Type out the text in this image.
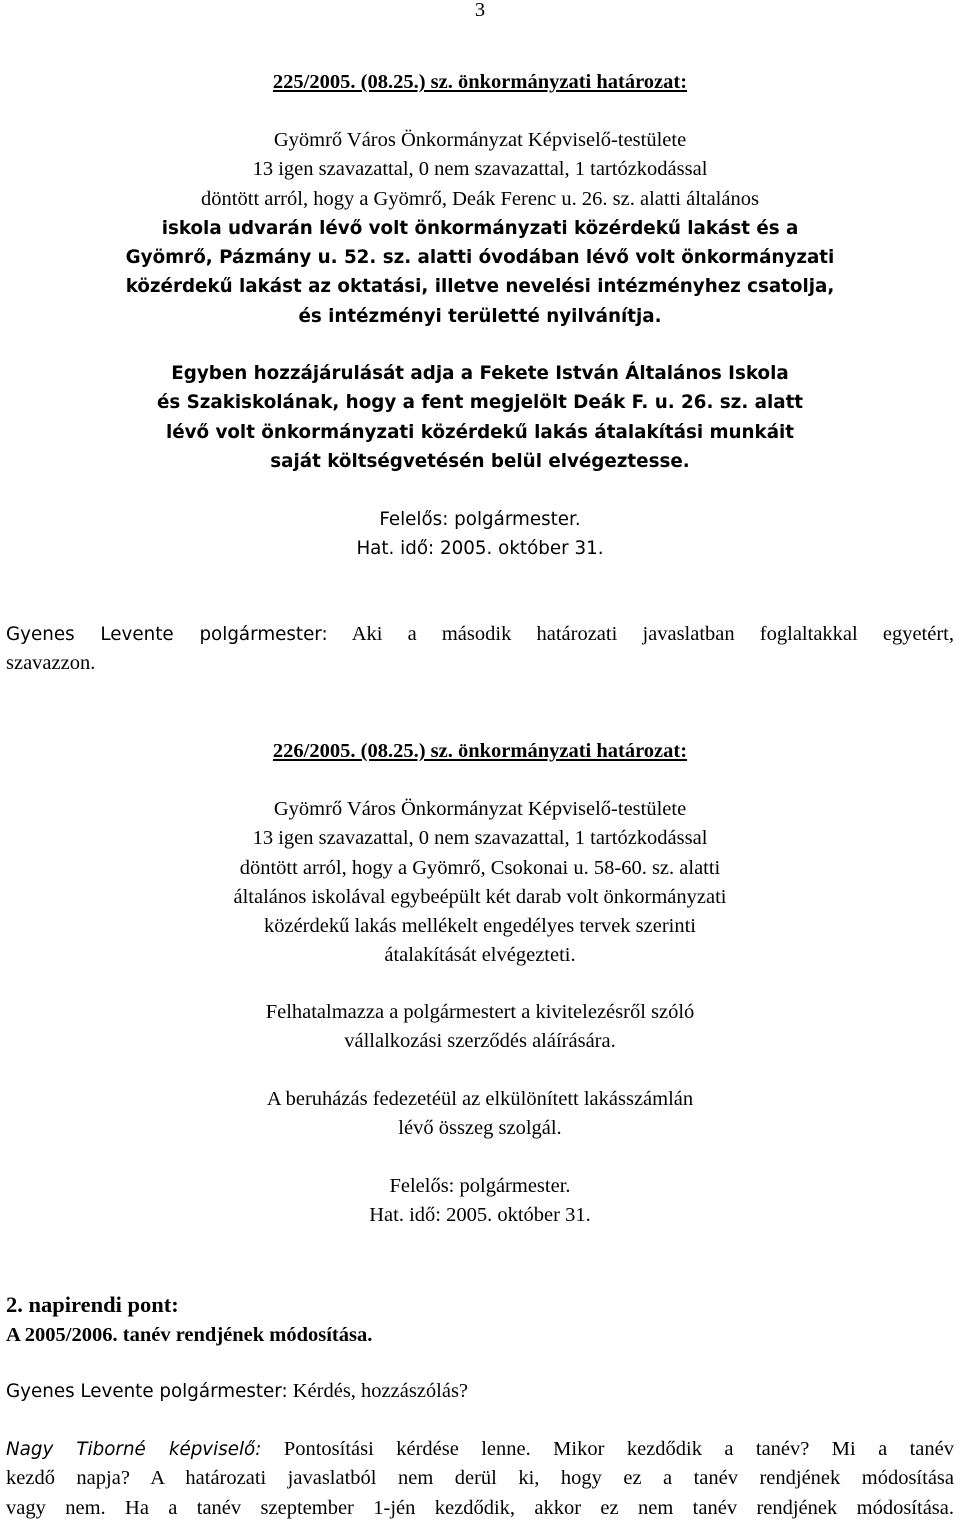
3
225/2005. (08.25.) sz. önkormányzati határozat:
Gyömrő Város Önkormányzat Képviselő-testülete
13 igen szavazattal, 0 nem szavazattal, 1 tartózkodással
döntött arról, hogy a Gyömrő, Deák Ferenc u. 26. sz. alatti általános
iskola udvarán lévő volt önkormányzati közérdekű lakást és a
Gyömrő, Pázmány u. 52. sz. alatti óvodában lévő volt önkormányzati
közérdekű lakást az oktatási, illetve nevelési intézményhez csatolja,
és intézményi területté nyilvánítja.
Egyben hozzájárulását adja a Fekete István Általános Iskola
és Szakiskolának, hogy a fent megjelölt Deák F. u. 26. sz. alatt
lévő volt önkormányzati közérdekű lakás átalakítási munkáit
saját költségvetésén belül elvégeztesse.
Felelős: polgármester.
Hat. idő: 2005. október 31.
Gyenes Levente polgármester: Aki a második határozati javaslatban foglaltakkal egyetért,
szavazzon.
226/2005. (08.25.) sz. önkormányzati határozat:
Gyömrő Város Önkormányzat Képviselő-testülete
13 igen szavazattal, 0 nem szavazattal, 1 tartózkodással
döntött arról, hogy a Gyömrő, Csokonai u. 58-60. sz. alatti
általános iskolával egybeépült két darab volt önkormányzati
közérdekű lakás mellékelt engedélyes tervek szerinti
átalakítását elvégezteti.
Felhatalmazza a polgármestert a kivitelezésről szóló
vállalkozási szerződés aláírására.
A beruházás fedezetéül az elkülönített lakásszámlán
lévő összeg szolgál.
Felelős: polgármester.
Hat. idő: 2005. október 31.
2. napirendi pont:
A 2005/2006. tanév rendjének módosítása.
Gyenes Levente polgármester: Kérdés, hozzászólás?
Nagy Tiborné képviselő: Pontosítási kérdése lenne. Mikor kezdődik a tanév? Mi a tanév
kezdő napja? A határozati javaslatból nem derül ki, hogy ez a tanév rendjének módosítása
vagy nem. Ha a tanév szeptember 1-jén kezdődik, akkor ez nem tanév rendjének módosítása.
